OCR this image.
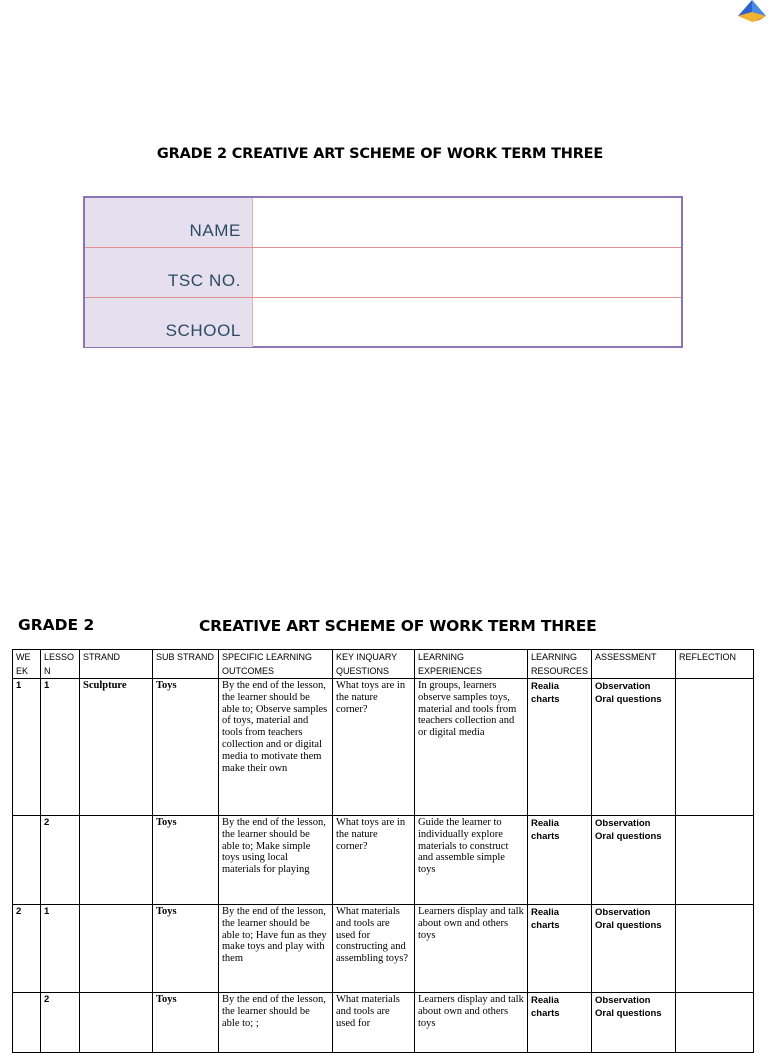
GRADE 2 CREATIVE ART SCHEME OF WORK TERM THREE
NAME
TSC NO.
SCHOOL
GRADE 2	CREATIVE ART SCHEME OF WORK TERM THREE
WE EK	LESSO N	STRAND	SUB STRAND	SPECIFIC LEARNING OUTCOMES	KEY INQUARY QUESTIONS	LEARNING EXPERIENCES	LEARNING RESOURCES	ASSESSMENT	REFLECTION
1	1	Sculpture	Toys	By the end of the lesson, the learner should be able to; Observe samples of toys, material and tools from teachers collection and or digital media to motivate them make their own	What toys are in the nature corner?	In groups, learners observe samples toys, material and tools from teachers collection and or digital media	Realia charts	Observation Oral questions	
	2		Toys	By the end of the lesson, the learner should be able to; Make simple toys using local materials for playing	What toys are in the nature corner?	Guide the learner to individually explore materials to construct and assemble simple toys	Realia charts	Observation Oral questions	
2	1		Toys	By the end of the lesson, the learner should be able to; Have fun as they make toys and play with them	What materials and tools are used for constructing and assembling toys?	Learners display and talk about own and others toys	Realia charts	Observation Oral questions	
	2		Toys	By the end of the lesson, the learner should be able to; ;	What materials and tools are used for	Learners display and talk about own and others toys	Realia charts	Observation Oral questions	
